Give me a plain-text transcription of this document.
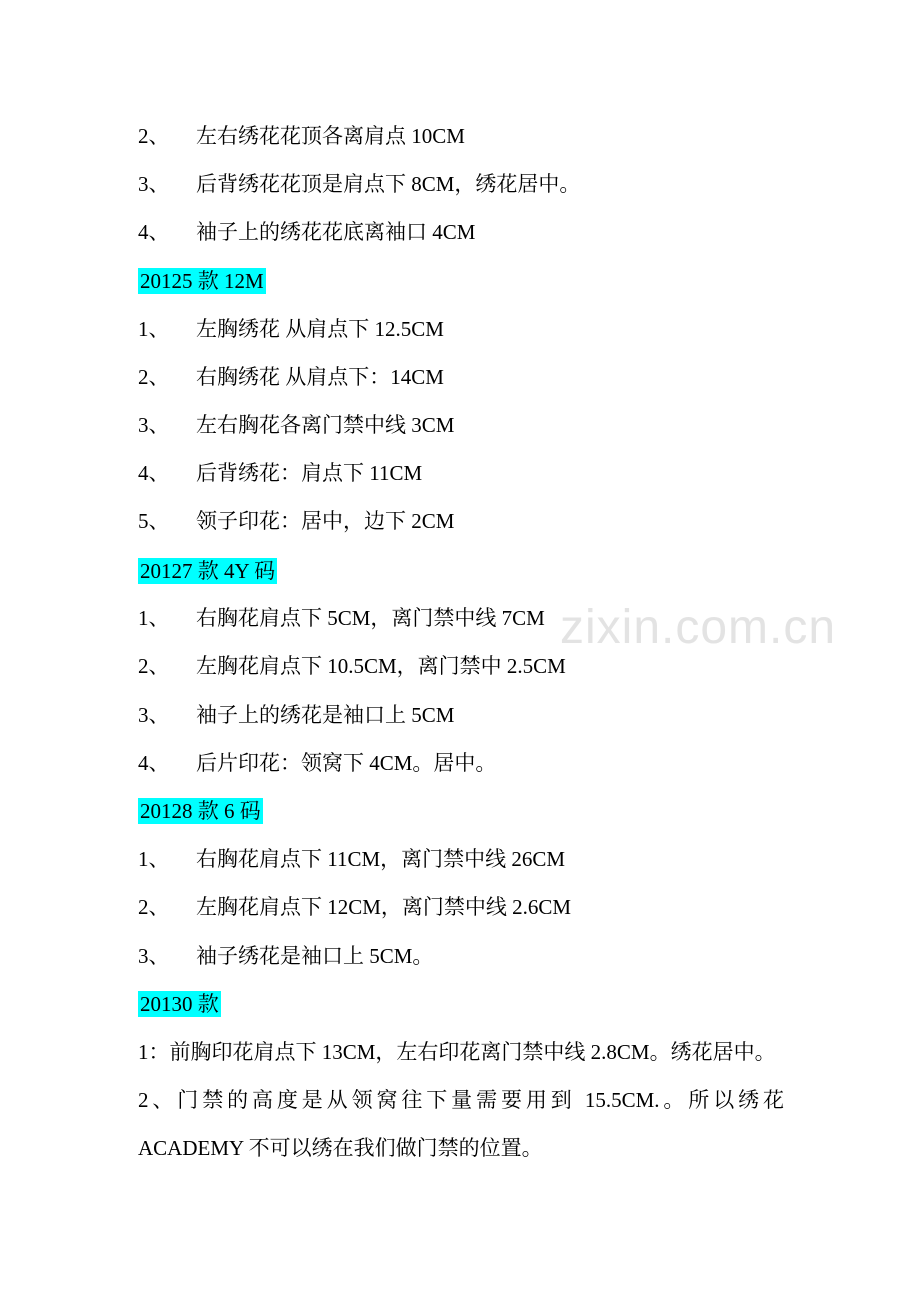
zixin.com.cn
2、 左右绣花花顶各离肩点 10CM
3、 后背绣花花顶是肩点下 8CM，绣花居中。
4、 袖子上的绣花花底离袖口 4CM
20125 款 12M
1、 左胸绣花 从肩点下 12.5CM
2、 右胸绣花 从肩点下：14CM
3、 左右胸花各离门禁中线 3CM
4、 后背绣花：肩点下 11CM
5、 领子印花：居中，边下 2CM
20127 款 4Y 码
1、 右胸花肩点下 5CM，离门禁中线 7CM
2、 左胸花肩点下 10.5CM，离门禁中 2.5CM
3、 袖子上的绣花是袖口上 5CM
4、 后片印花：领窝下 4CM。居中。
20128 款 6 码
1、 右胸花肩点下 11CM，离门禁中线 26CM
2、 左胸花肩点下 12CM，离门禁中线 2.6CM
3、 袖子绣花是袖口上 5CM。
20130 款
1：前胸印花肩点下 13CM，左右印花离门禁中线 2.8CM。绣花居中。
2、门禁的高度是从领窝往下量需要用到 15.5CM.。所以绣花
ACADEMY 不可以绣在我们做门禁的位置。
